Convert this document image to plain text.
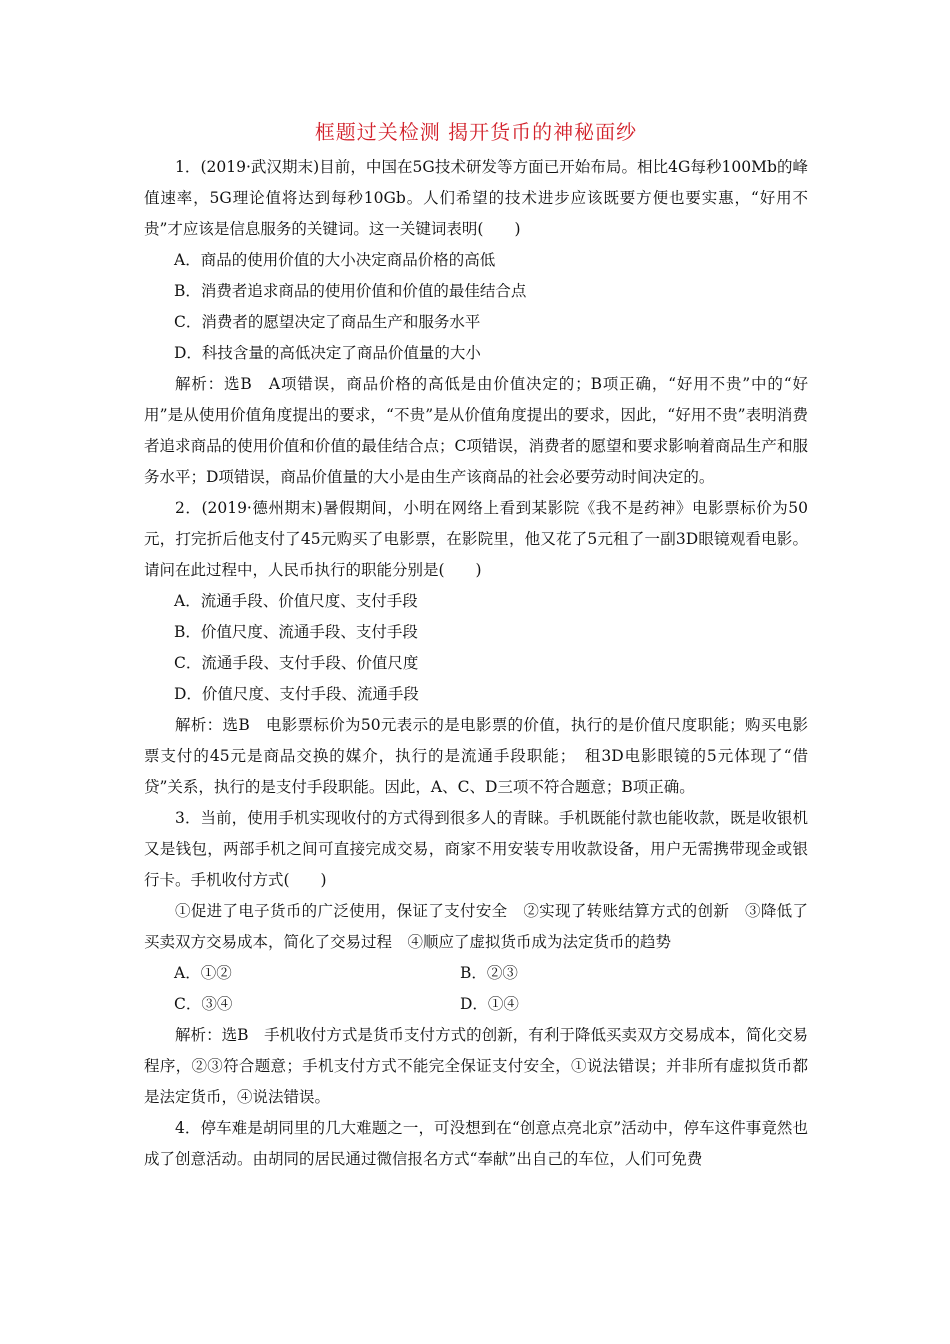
框题过关检测 揭开货币的神秘面纱

1．(2019·武汉期末)目前，中国在5G技术研发等方面已开始布局。相比4G每秒100Mb的峰值速率，5G理论值将达到每秒10Gb。人们希望的技术进步应该既要方便也要实惠，“好用不贵”才应该是信息服务的关键词。这一关键词表明(　　)

A．商品的使用价值的大小决定商品价格的高低

B．消费者追求商品的使用价值和价值的最佳结合点

C．消费者的愿望决定了商品生产和服务水平

D．科技含量的高低决定了商品价值量的大小

解析：选B　A项错误，商品价格的高低是由价值决定的；B项正确，“好用不贵”中的“好用”是从使用价值角度提出的要求，“不贵”是从价值角度提出的要求，因此，“好用不贵”表明消费者追求商品的使用价值和价值的最佳结合点；C项错误，消费者的愿望和要求影响着商品生产和服务水平；D项错误，商品价值量的大小是由生产该商品的社会必要劳动时间决定的。

2．(2019·德州期末)暑假期间，小明在网络上看到某影院《我不是药神》电影票标价为50元，打完折后他支付了45元购买了电影票，在影院里，他又花了5元租了一副3D眼镜观看电影。请问在此过程中，人民币执行的职能分别是(　　)

A．流通手段、价值尺度、支付手段

B．价值尺度、流通手段、支付手段

C．流通手段、支付手段、价值尺度

D．价值尺度、支付手段、流通手段

解析：选B　电影票标价为50元表示的是电影票的价值，执行的是价值尺度职能；购买电影票支付的45元是商品交换的媒介，执行的是流通手段职能；　租3D电影眼镜的5元体现了“借贷”关系，执行的是支付手段职能。因此，A、C、D三项不符合题意；B项正确。

3．当前，使用手机实现收付的方式得到很多人的青睐。手机既能付款也能收款，既是收银机又是钱包，两部手机之间可直接完成交易，商家不用安装专用收款设备，用户无需携带现金或银行卡。手机收付方式(　　)

①促进了电子货币的广泛使用，保证了支付安全　②实现了转账结算方式的创新　③降低了买卖双方交易成本，简化了交易过程　④顺应了虚拟货币成为法定货币的趋势

A．①②	B．②③
C．③④	D．①④

解析：选B　手机收付方式是货币支付方式的创新，有利于降低买卖双方交易成本，简化交易程序，②③符合题意；手机支付方式不能完全保证支付安全，①说法错误；并非所有虚拟货币都是法定货币，④说法错误。

4．停车难是胡同里的几大难题之一，可没想到在“创意点亮北京”活动中，停车这件事竟然也成了创意活动。由胡同的居民通过微信报名方式“奉献”出自己的车位，人们可免费
